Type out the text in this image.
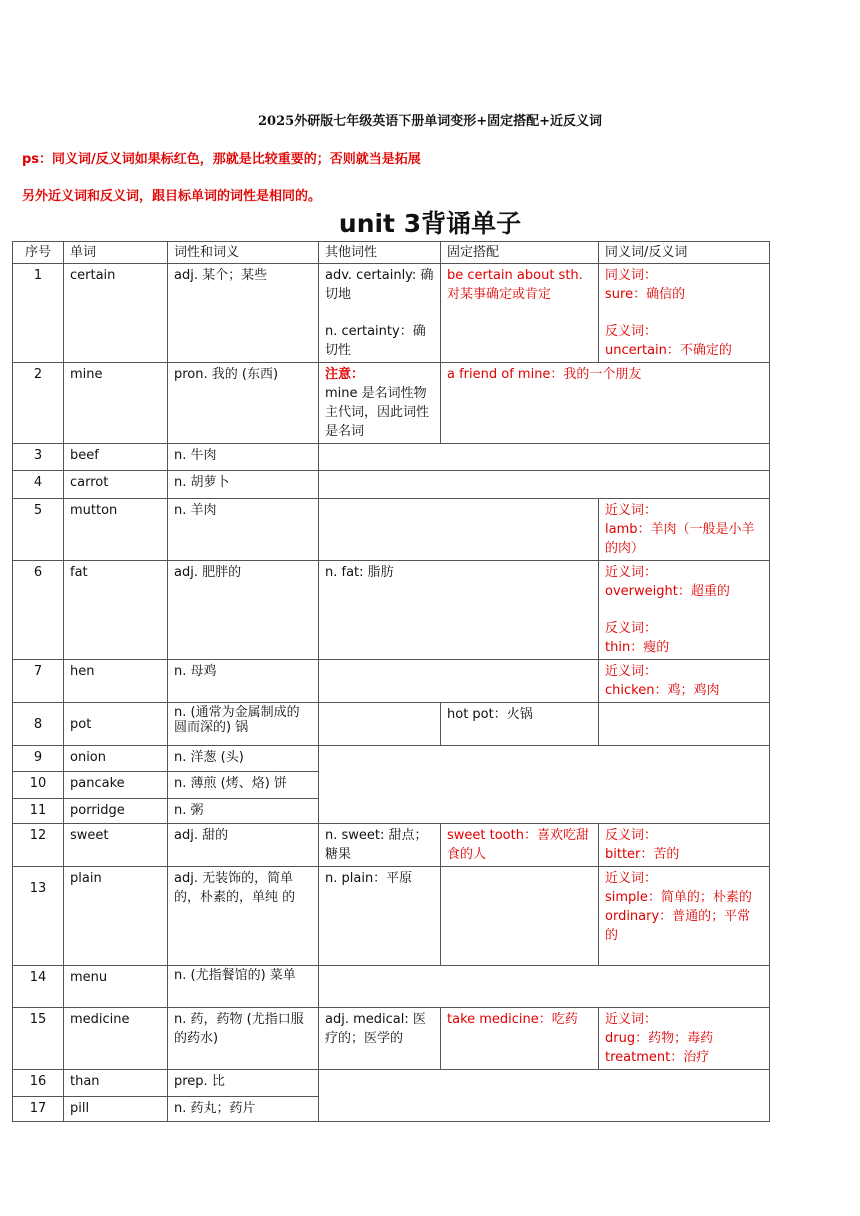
2025外研版七年级英语下册单词变形+固定搭配+近反义词
ps：同义词/反义词如果标红色，那就是比较重要的；否则就当是拓展
另外近义词和反义词，跟目标单词的词性是相同的。
unit 3背诵单子
序号	单词	词性和词义	其他词性	固定搭配	同义词/反义词
1	certain	adj. 某个；某些	adv. certainly: 确切地
n. certainty：确切性	be certain about sth. 对某事确定或肯定	同义词：
sure：确信的
反义词：
uncertain：不确定的
2	mine	pron. 我的 (东西)	注意：
mine 是名词性物主代词，因此词性是名词	a friend of mine：我的一个朋友	
3	beef	n. 牛肉			
4	carrot	n. 胡萝卜			
5	mutton	n. 羊肉			近义词：
lamb：羊肉（一般是小羊的肉）
6	fat	adj. 肥胖的	n. fat: 脂肪		近义词：
overweight：超重的
反义词：
thin：瘦的
7	hen	n. 母鸡			近义词：
chicken：鸡；鸡肉
8	pot	n. (通常为金属制成的圆而深的) 锅		hot pot：火锅	
9	onion	n. 洋葱 (头)			
10	pancake	n. 薄煎 (烤、烙) 饼			
11	porridge	n. 粥			
12	sweet	adj. 甜的	n. sweet: 甜点；糖果	sweet tooth：喜欢吃甜食的人	反义词：
bitter：苦的
13	plain	adj. 无装饰的，简单的，朴素的，单纯 的	n. plain：平原		近义词：
simple：简单的；朴素的
ordinary：普通的；平常的
14	menu	n. (尤指餐馆的) 菜单			
15	medicine	n. 药，药物 (尤指口服的药水)	adj. medical: 医疗的；医学的	take medicine：吃药	近义词：
drug：药物；毒药
treatment：治疗
16	than	prep. 比			
17	pill	n. 药丸；药片			
